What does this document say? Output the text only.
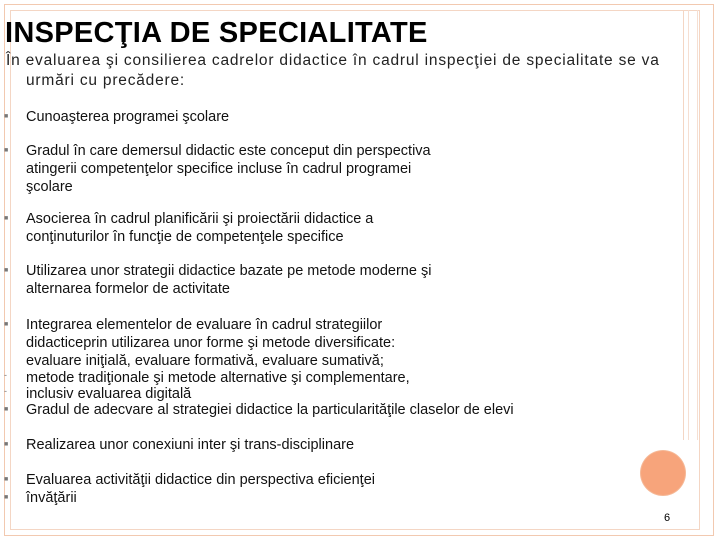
INSPECŢIA DE SPECIALITATE
În evaluarea şi consilierea cadrelor didactice în cadrul inspecţiei de specialitate se va
urmări cu precădere:
■ Cunoaşterea programei şcolare
■ Gradul în care demersul didactic este conceput din perspectiva
atingerii competenţelor specifice incluse în cadrul programei
şcolare
■ Asocierea în cadrul planificării şi proiectării didactice a
conţinuturilor în funcţie de competenţele specifice
■ Utilizarea unor strategii didactice bazate pe metode moderne şi
alternarea formelor de activitate
■ Integrarea elementelor de evaluare în cadrul strategiilor
didacticeprin utilizarea unor forme şi metode diversificate:
evaluare iniţială, evaluare formativă, evaluare sumativă;
-	metode tradiţionale şi metode alternative şi complementare,
-	inclusiv evaluarea digitală
■ Gradul de adecvare al strategiei didactice la particularităţile claselor de elevi
■ Realizarea unor conexiuni inter şi trans-disciplinare
■ Evaluarea activităţii didactice din perspectiva eficienţei
■ învăţării
6
